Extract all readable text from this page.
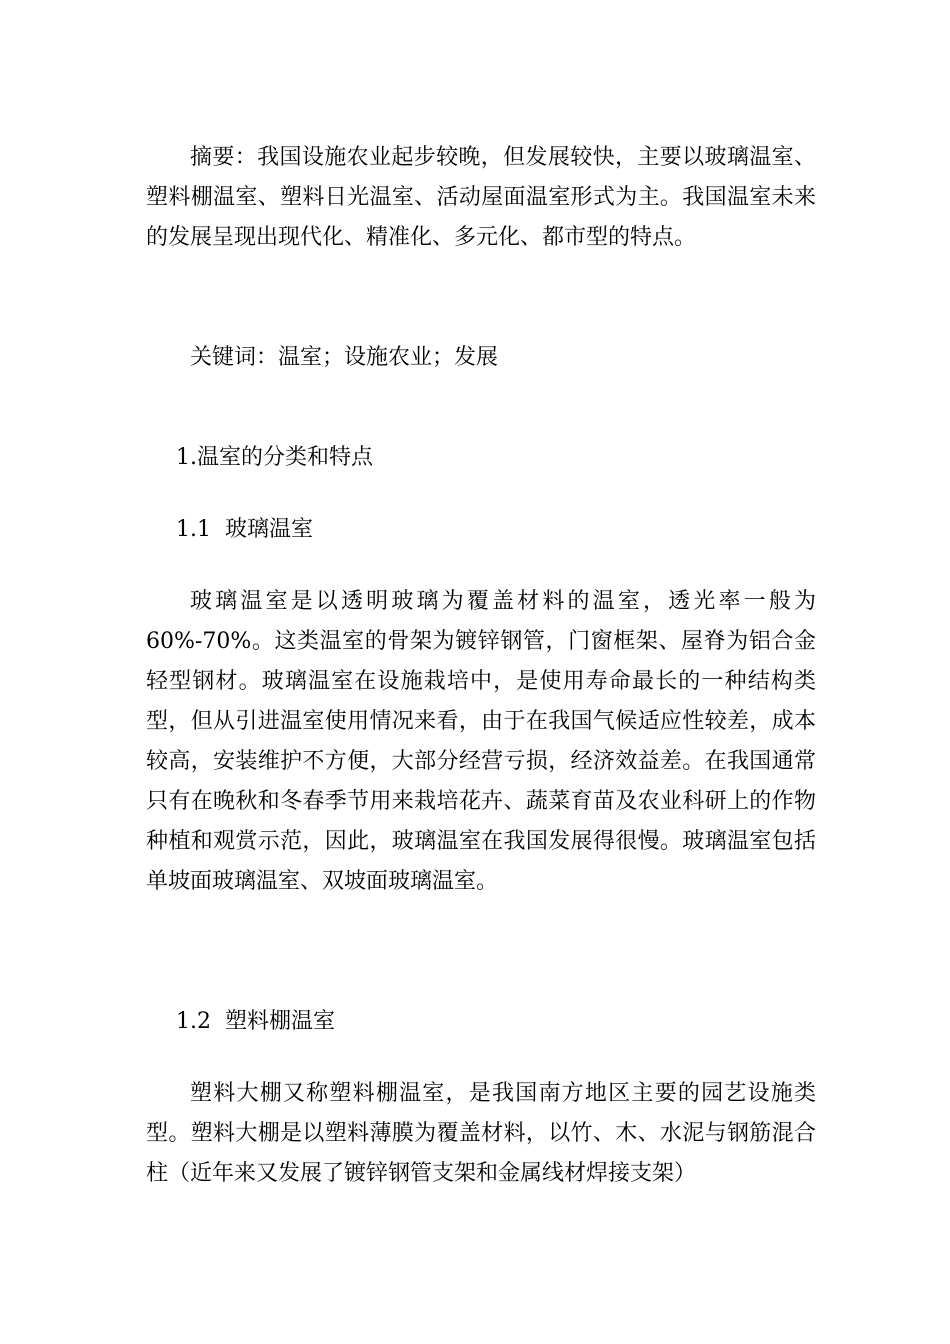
摘要：我国设施农业起步较晚，但发展较快，主要以玻璃温室、塑料棚温室、塑料日光温室、活动屋面温室形式为主。我国温室未来的发展呈现出现代化、精准化、多元化、都市型的特点。

关键词：温室；设施农业；发展

1.温室的分类和特点

1.1 玻璃温室

玻璃温室是以透明玻璃为覆盖材料的温室，透光率一般为60%-70%。这类温室的骨架为镀锌钢管，门窗框架、屋脊为铝合金轻型钢材。玻璃温室在设施栽培中，是使用寿命最长的一种结构类型，但从引进温室使用情况来看，由于在我国气候适应性较差，成本较高，安装维护不方便，大部分经营亏损，经济效益差。在我国通常只有在晚秋和冬春季节用来栽培花卉、蔬菜育苗及农业科研上的作物种植和观赏示范，因此，玻璃温室在我国发展得很慢。玻璃温室包括单坡面玻璃温室、双坡面玻璃温室。

1.2 塑料棚温室

塑料大棚又称塑料棚温室，是我国南方地区主要的园艺设施类型。塑料大棚是以塑料薄膜为覆盖材料，以竹、木、水泥与钢筋混合柱（近年来又发展了镀锌钢管支架和金属线材焊接支架）
